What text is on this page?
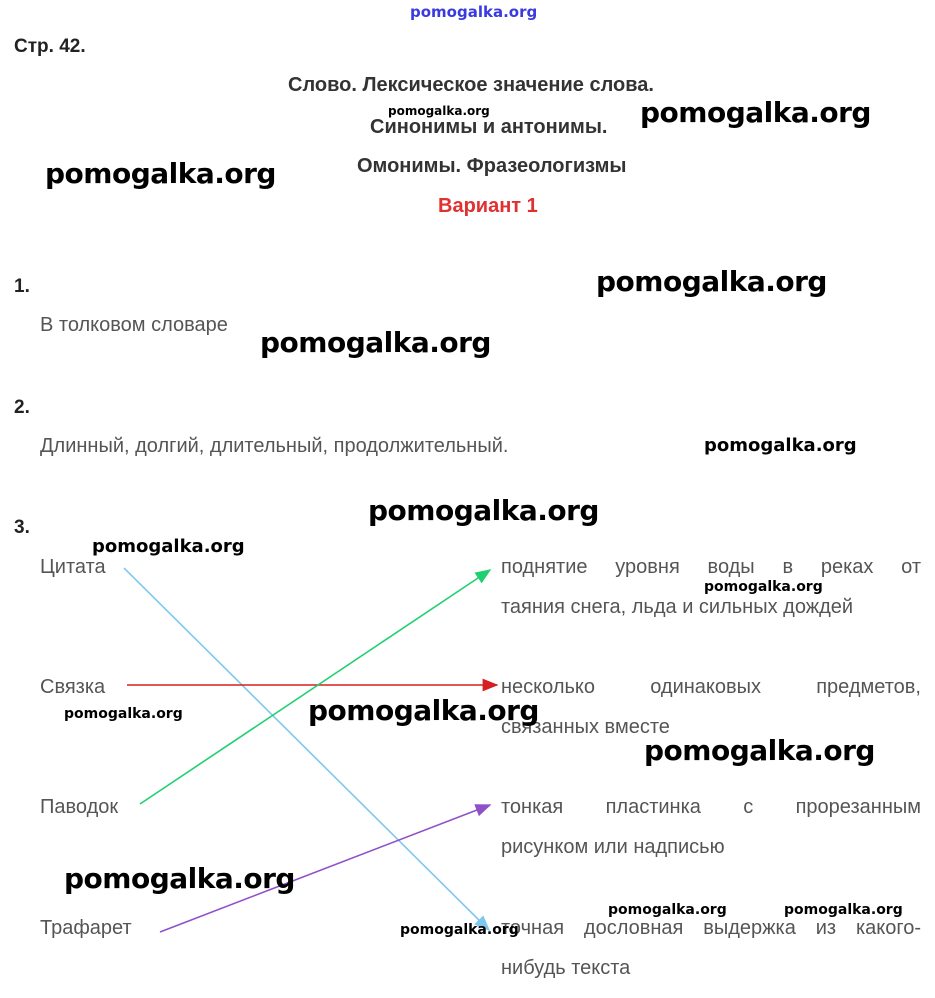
pomogalka.org
Стр. 42.
Слово. Лексическое значение слова.
Синонимы и антонимы.
Омонимы. Фразеологизмы
Вариант 1
1.
В толковом словаре
2.
Длинный, долгий, длительный, продолжительный.
3.
Цитата
Связка
Паводок
Трафарет
поднятие уровня воды в реках от
таяния снега, льда и сильных дождей
несколько одинаковых предметов,
связанных вместе
тонкая пластинка с прорезанным
рисунком или надписью
точная дословная выдержка из какого-
нибудь текста
pomogalka.org	pomogalka.org
pomogalka.org
pomogalka.org
pomogalka.org
pomogalka.org
pomogalka.org
pomogalka.org
pomogalka.org
pomogalka.org	pomogalka.org
pomogalka.org
pomogalka.org
pomogalka.org	pomogalka.org
pomogalka.org
